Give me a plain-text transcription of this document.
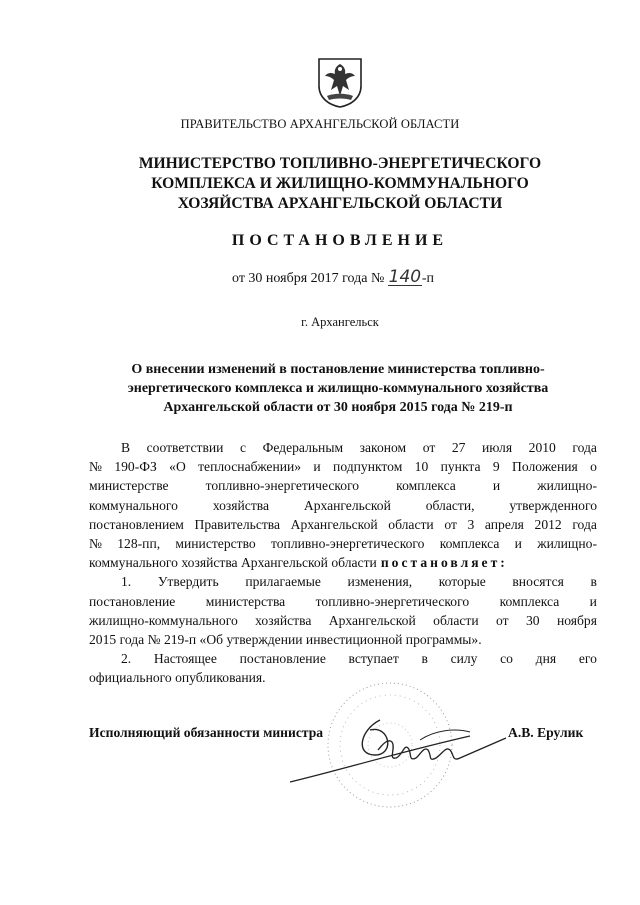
ПРАВИТЕЛЬСТВО АРХАНГЕЛЬСКОЙ ОБЛАСТИ
МИНИСТЕРСТВО ТОПЛИВНО-ЭНЕРГЕТИЧЕСКОГО
КОМПЛЕКСА И ЖИЛИЩНО-КОММУНАЛЬНОГО
ХОЗЯЙСТВА АРХАНГЕЛЬСКОЙ ОБЛАСТИ
ПОСТАНОВЛЕНИЕ
от 30 ноября 2017 года № 140-п
г. Архангельск
О внесении изменений в постановление министерства топливно-
энергетического комплекса и жилищно-коммунального хозяйства
Архангельской области от 30 ноября 2015 года № 219-п
В соответствии с Федеральным законом от 27 июля 2010 года
№ 190-ФЗ «О теплоснабжении» и подпунктом 10 пункта 9 Положения о
министерстве	топливно-энергетического	комплекса	и	жилищно-
коммунального	хозяйства	Архангельской	области,	утвержденного
постановлением Правительства Архангельской области от 3 апреля 2012 года
№ 128-пп, министерство топливно-энергетического комплекса и жилищно-
коммунального хозяйства Архангельской области постановляет:
1. Утвердить прилагаемые изменения, которые вносятся в
постановление министерства топливно-энергетического комплекса и
жилищно-коммунального хозяйства Архангельской области от 30 ноября
2015 года № 219-п «Об утверждении инвестиционной программы».
2. Настоящее постановление вступает в силу со дня его
официального опубликования.
Исполняющий обязанности министра	А.В. Ерулик
